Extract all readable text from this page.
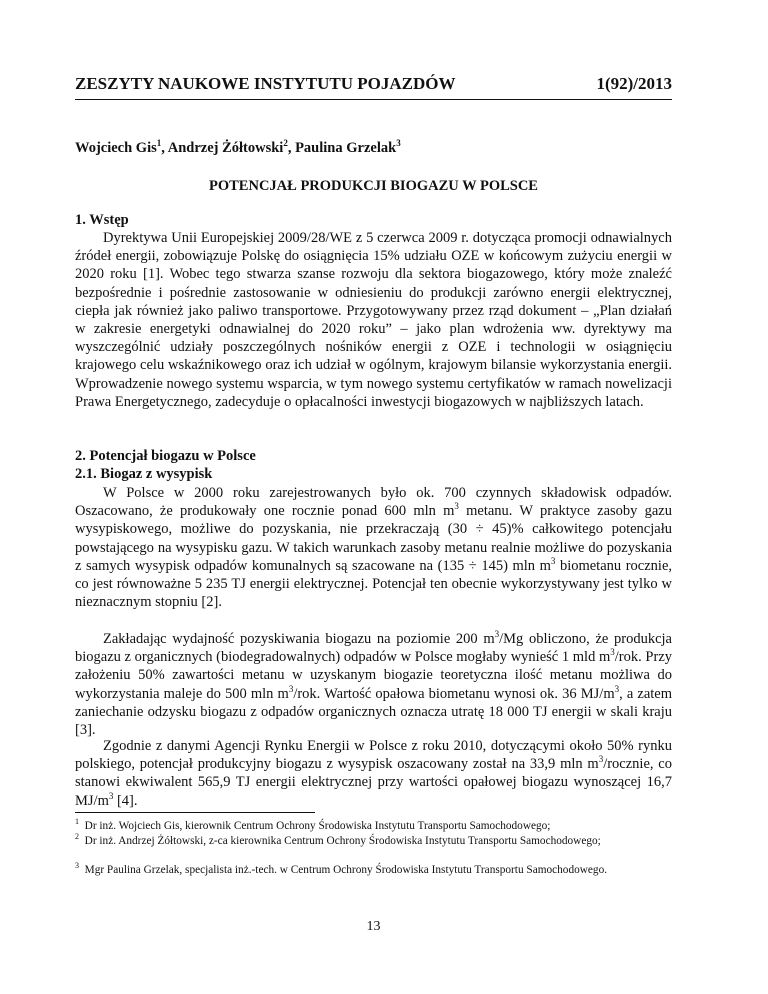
ZESZYTY NAUKOWE INSTYTUTU POJAZDÓW	1(92)/2013
Wojciech Gis$^1$, Andrzej Żółtowski$^2$, Paulina Grzelak$^3$
POTENCJAŁ PRODUKCJI BIOGAZU W POLSCE
1. Wstęp

Dyrektywa Unii Europejskiej 2009/28/WE z 5 czerwca 2009 r. dotycząca promocji odnawialnych źródeł energii, zobowiązuje Polskę do osiągnięcia 15% udziału OZE w końcowym zużyciu energii w 2020 roku [1]. Wobec tego stwarza szanse rozwoju dla sektora biogazowego, który może znaleźć bezpośrednie i pośrednie zastosowanie w odniesieniu do produkcji zarówno energii elektrycznej, ciepła jak również jako paliwo transportowe. Przygotowywany przez rząd dokument – „Plan działań w zakresie energetyki odnawialnej do 2020 roku” – jako plan wdrożenia ww. dyrektywy ma wyszczególnić udziały poszczególnych nośników energii z OZE i technologii w osiągnięciu krajowego celu wskaźnikowego oraz ich udział w ogólnym, krajowym bilansie wykorzystania energii. Wprowadzenie nowego systemu wsparcia, w tym nowego systemu certyfikatów w ramach nowelizacji Prawa Energetycznego, zadecyduje o opłacalności inwestycji biogazowych w najbliższych latach.

2. Potencjał biogazu w Polsce
2.1. Biogaz z wysypisk

W Polsce w 2000 roku zarejestrowanych było ok. 700 czynnych składowisk odpadów. Oszacowano, że produkowały one rocznie ponad 600 mln $m^3$ metanu. W praktyce zasoby gazu wysypiskowego, możliwe do pozyskania, nie przekraczają (30 ÷ 45)% całkowitego potencjału powstającego na wysypisku gazu. W takich warunkach zasoby metanu realnie możliwe do pozyskania z samych wysypisk odpadów komunalnych są szacowane na (135 ÷ 145) mln $m^3$ biometanu rocznie, co jest równoważne 5 235 TJ energii elektrycznej. Potencjał ten obecnie wykorzystywany jest tylko w nieznacznym stopniu [2].

Zakładając wydajność pozyskiwania biogazu na poziomie 200 $m^3/Mg$ obliczono, że produkcja biogazu z organicznych (biodegradowalnych) odpadów w Polsce mogłaby wynieść 1 mld $m^3$/rok. Przy założeniu 50% zawartości metanu w uzyskanym biogazie teoretyczna ilość metanu możliwa do wykorzystania maleje do 500 mln $m^3$/rok. Wartość opałowa biometanu wynosi ok. 36 $MJ/m^3$, a zatem zaniechanie odzysku biogazu z odpadów organicznych oznacza utratę 18 000 TJ energii w skali kraju [3].

Zgodnie z danymi Agencji Rynku Energii w Polsce z roku 2010, dotyczącymi około 50% rynku polskiego, potencjał produkcyjny biogazu z wysypisk oszacowany został na 33,9 mln $m^3$/rocznie, co stanowi ekwiwalent 565,9 TJ energii elektrycznej przy wartości opałowej biogazu wynoszącej 16,7 $MJ/m^3$ [4].

$^1$ Dr inż. Wojciech Gis, kierownik Centrum Ochrony Środowiska Instytutu Transportu Samochodowego;

$^2$ Dr inż. Andrzej Żółtowski, z-ca kierownika Centrum Ochrony Środowiska Instytutu Transportu Samochodowego;

$^3$ Mgr Paulina Grzelak, specjalista inż.-tech. w Centrum Ochrony Środowiska Instytutu Transportu Samochodowego.

13
